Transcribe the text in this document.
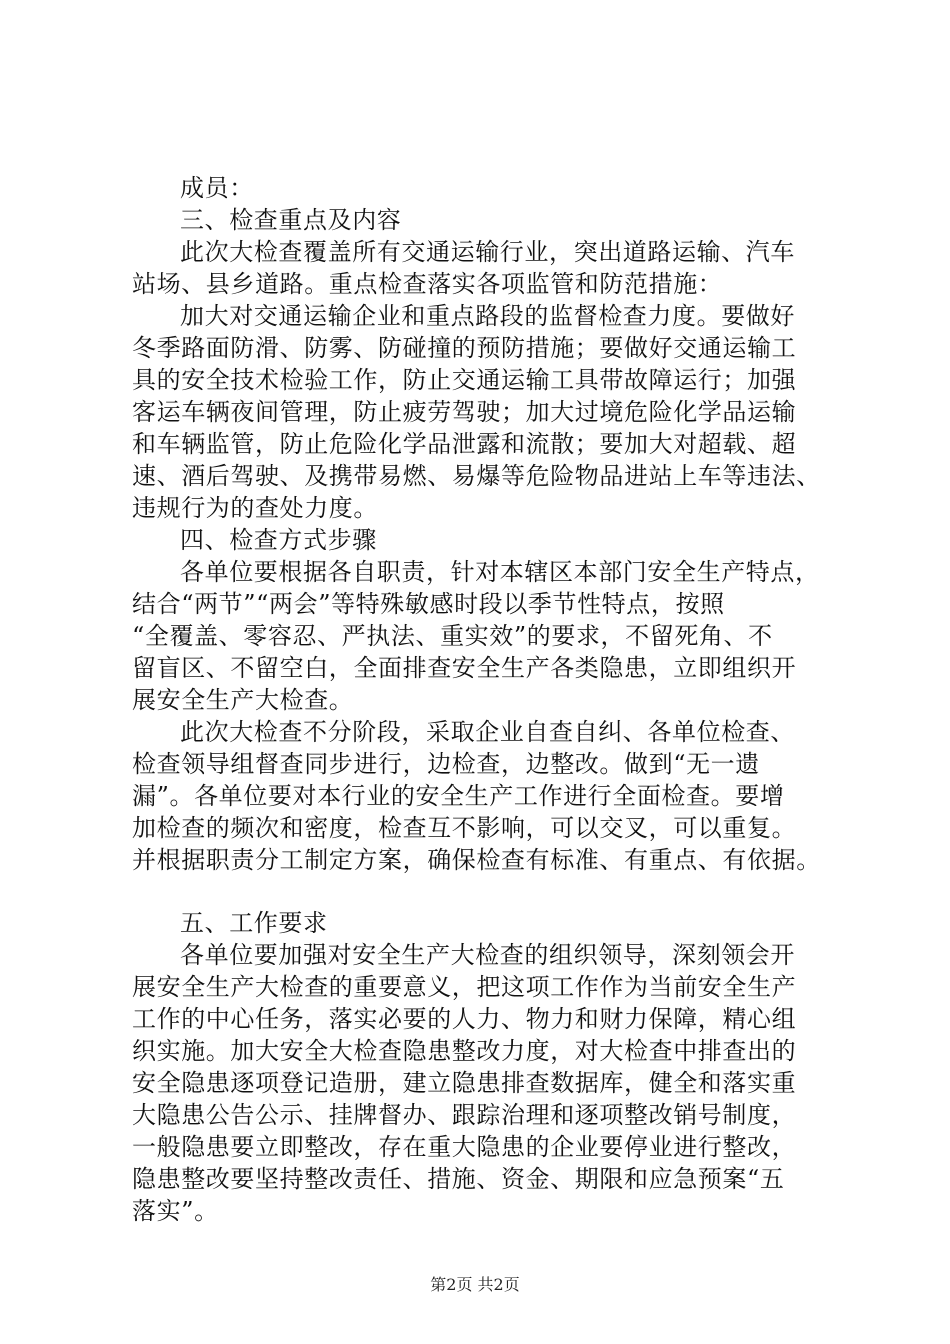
成员：
三、检查重点及内容
此次大检查覆盖所有交通运输行业，突出道路运输、汽车
站场、县乡道路。重点检查落实各项监管和防范措施：
加大对交通运输企业和重点路段的监督检查力度。要做好
冬季路面防滑、防雾、防碰撞的预防措施；要做好交通运输工
具的安全技术检验工作，防止交通运输工具带故障运行；加强
客运车辆夜间管理，防止疲劳驾驶；加大过境危险化学品运输
和车辆监管，防止危险化学品泄露和流散；要加大对超载、超
速、酒后驾驶、及携带易燃、易爆等危险物品进站上车等违法、
违规行为的查处力度。
四、检查方式步骤
各单位要根据各自职责，针对本辖区本部门安全生产特点，
结合“两节”“两会”等特殊敏感时段以季节性特点，按照
“全覆盖、零容忍、严执法、重实效”的要求，不留死角、不
留盲区、不留空白，全面排查安全生产各类隐患，立即组织开
展安全生产大检查。
此次大检查不分阶段，采取企业自查自纠、各单位检查、
检查领导组督查同步进行，边检查，边整改。做到“无一遗
漏”。各单位要对本行业的安全生产工作进行全面检查。要增
加检查的频次和密度，检查互不影响，可以交叉，可以重复。
并根据职责分工制定方案，确保检查有标准、有重点、有依据。
五、工作要求
各单位要加强对安全生产大检查的组织领导，深刻领会开
展安全生产大检查的重要意义，把这项工作作为当前安全生产
工作的中心任务，落实必要的人力、物力和财力保障，精心组
织实施。加大安全大检查隐患整改力度，对大检查中排查出的
安全隐患逐项登记造册，建立隐患排查数据库，健全和落实重
大隐患公告公示、挂牌督办、跟踪治理和逐项整改销号制度，
一般隐患要立即整改，存在重大隐患的企业要停业进行整改，
隐患整改要坚持整改责任、措施、资金、期限和应急预案“五
落实”。
第2页 共2页
